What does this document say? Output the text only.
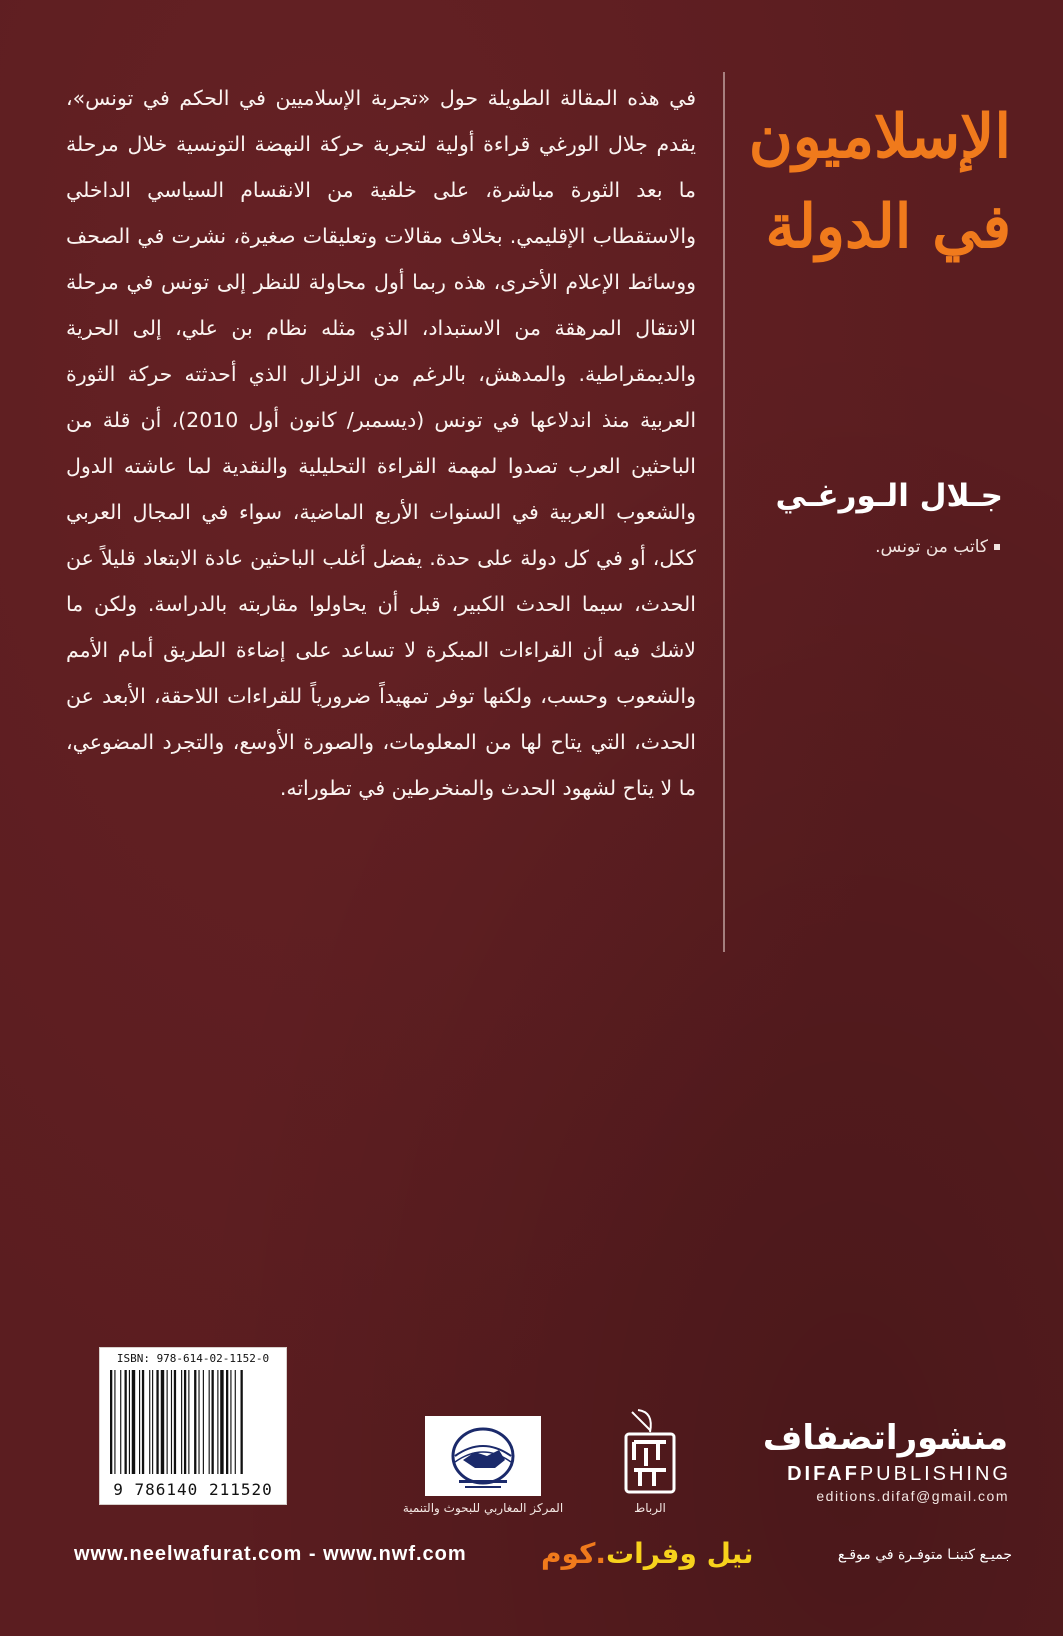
في هذه المقالة الطويلة حول «تجربة الإسلاميين في الحكم في تونس»، يقدم جلال الورغي قراءة أولية لتجربة حركة النهضة التونسية خلال مرحلة ما بعد الثورة مباشرة، على خلفية من الانقسام السياسي الداخلي والاستقطاب الإقليمي. بخلاف مقالات وتعليقات صغيرة، نشرت في الصحف ووسائط الإعلام الأخرى، هذه ربما أول محاولة للنظر إلى تونس في مرحلة الانتقال المرهقة من الاستبداد، الذي مثله نظام بن علي، إلى الحرية والديمقراطية. والمدهش، بالرغم من الزلزال الذي أحدثته حركة الثورة العربية منذ اندلاعها في تونس (ديسمبر/ كانون أول 2010)، أن قلة من الباحثين العرب تصدوا لمهمة القراءة التحليلية والنقدية لما عاشته الدول والشعوب العربية في السنوات الأربع الماضية، سواء في المجال العربي ككل، أو في كل دولة على حدة. يفضل أغلب الباحثين عادة الابتعاد قليلاً عن الحدث، سيما الحدث الكبير، قبل أن يحاولوا مقاربته بالدراسة. ولكن ما لاشك فيه أن القراءات المبكرة لا تساعد على إضاءة الطريق أمام الأمم والشعوب وحسب، ولكنها توفر تمهيداً ضرورياً للقراءات اللاحقة، الأبعد عن الحدث، التي يتاح لها من المعلومات، والصورة الأوسع، والتجرد المضوعي، ما لا يتاح لشهود الحدث والمنخرطين في تطوراته.
الإسلاميون
في الدولة
جـلال الـورغـي
كاتب من تونس.
ISBN: 978-614-02-1152-0
9 786140 211520
المركز المغاربي للبحوث والتنمية	الرباط
منشوراتضفاف
DIFAFPUBLISHING
editions.difaf@gmail.com
www.neelwafurat.com - www.nwf.com	نيل وفرات.كوم	جميـع كتبنـا متوفـرة في موقـع
